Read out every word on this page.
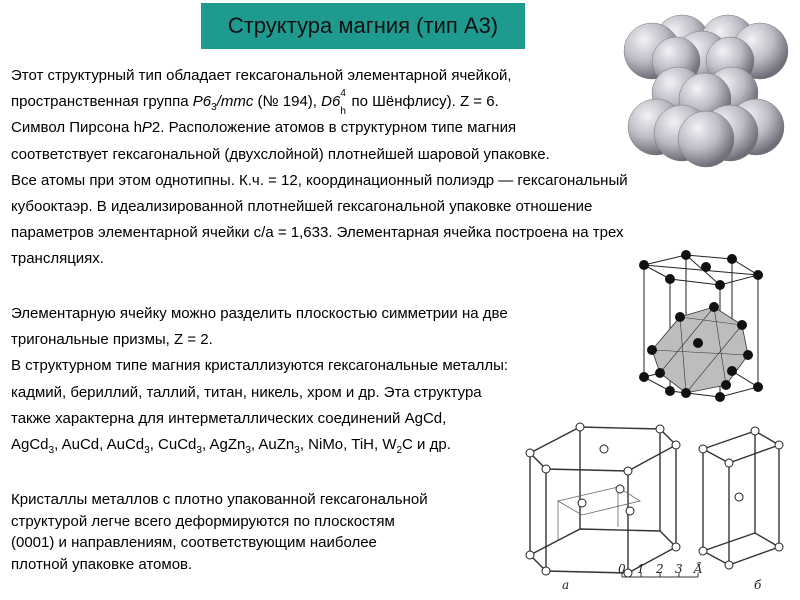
Структура магния (тип А3)
Этот структурный тип обладает гексагональной элементарной ячейкой,
пространственная группа $P6_3$/mmc (№ 194), D6 4
h
по Шёнфлису). Z = 6.
Символ Пирсона hP2. Расположение атомов в структурном типе магния
соответствует гексагональной (двухслойной) плотнейшей шаровой упаковке.
Все атомы при этом однотипны. К.ч. = 12, координационный полиэдр — гексагональный
кубооктаэр. В идеализированной плотнейшей гексагональной упаковке отношение
параметров элементарной ячейки c/a = 1,633. Элементарная ячейка построена на трех
трансляциях.
Элементарную ячейку можно разделить плоскостью симметрии на две
тригональные призмы, Z = 2.
В структурном типе магния кристаллизуются гексагональные металлы:
кадмий, бериллий, таллий, титан, никель, хром и др. Эта структура
также характерна для интерметаллических соединений AgCd,
AgCd$_3$, AuCd, AuCd$_3$, CuCd$_3$, AgZn$_3$, AuZn$_3$, NiMo, TiH, $W_2C$ и др.
Кристаллы металлов с плотно упакованной гексагональной
структурой легче всего деформируются по плоскостям
(0001) и направлениям, соответствующим наиболее
плотной упаковке атомов.
а
0 1 2 3 Å
б
